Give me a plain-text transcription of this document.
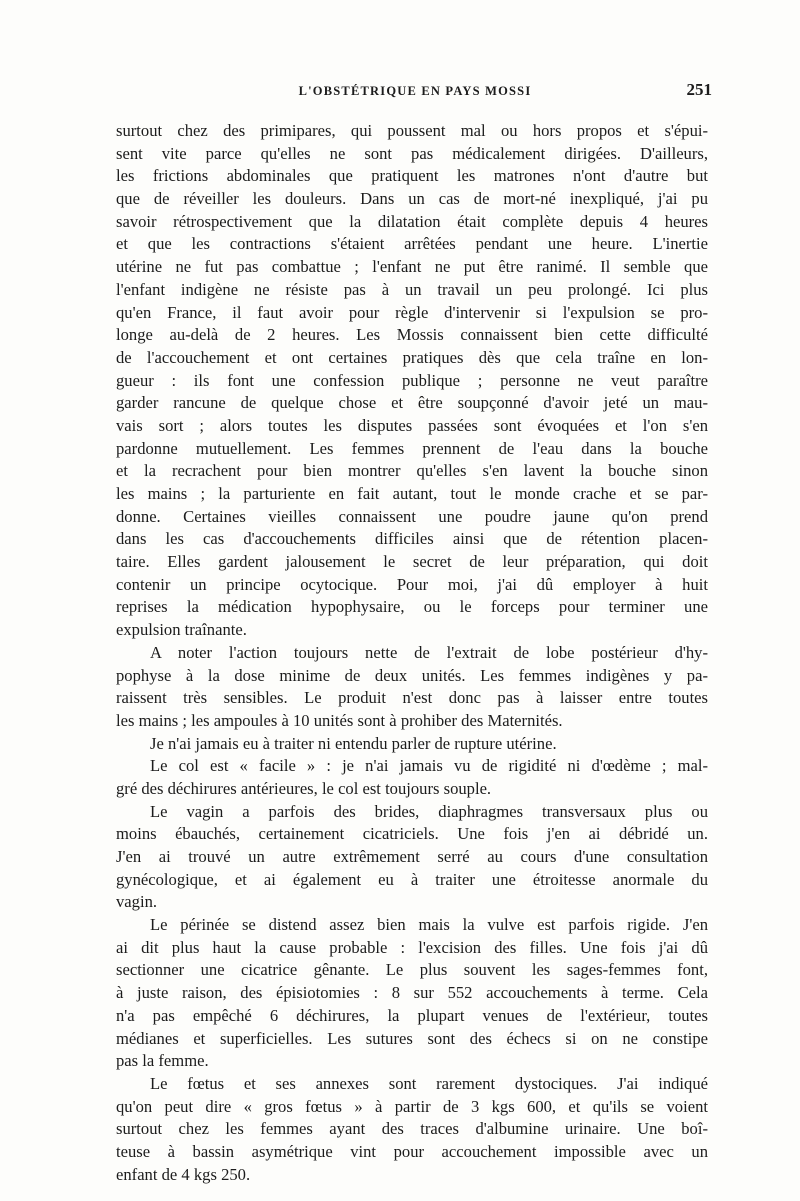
L'OBSTÉTRIQUE EN PAYS MOSSI	251
surtout chez des primipares, qui poussent mal ou hors propos et s'épui-
sent vite parce qu'elles ne sont pas médicalement dirigées. D'ailleurs,
les frictions abdominales que pratiquent les matrones n'ont d'autre but
que de réveiller les douleurs. Dans un cas de mort-né inexpliqué, j'ai pu
savoir rétrospectivement que la dilatation était complète depuis 4 heures
et que les contractions s'étaient arrêtées pendant une heure. L'inertie
utérine ne fut pas combattue ; l'enfant ne put être ranimé. Il semble que
l'enfant indigène ne résiste pas à un travail un peu prolongé. Ici plus
qu'en France, il faut avoir pour règle d'intervenir si l'expulsion se pro-
longe au-delà de 2 heures. Les Mossis connaissent bien cette difficulté
de l'accouchement et ont certaines pratiques dès que cela traîne en lon-
gueur : ils font une confession publique ; personne ne veut paraître
garder rancune de quelque chose et être soupçonné d'avoir jeté un mau-
vais sort ; alors toutes les disputes passées sont évoquées et l'on s'en
pardonne mutuellement. Les femmes prennent de l'eau dans la bouche
et la recrachent pour bien montrer qu'elles s'en lavent la bouche sinon
les mains ; la parturiente en fait autant, tout le monde crache et se par-
donne. Certaines vieilles connaissent une poudre jaune qu'on prend
dans les cas d'accouchements difficiles ainsi que de rétention placen-
taire. Elles gardent jalousement le secret de leur préparation, qui doit
contenir un principe ocytocique. Pour moi, j'ai dû employer à huit
reprises la médication hypophysaire, ou le forceps pour terminer une
expulsion traînante.
A noter l'action toujours nette de l'extrait de lobe postérieur d'hy-
pophyse à la dose minime de deux unités. Les femmes indigènes y pa-
raissent très sensibles. Le produit n'est donc pas à laisser entre toutes
les mains ; les ampoules à 10 unités sont à prohiber des Maternités.
Je n'ai jamais eu à traiter ni entendu parler de rupture utérine.
Le col est « facile » : je n'ai jamais vu de rigidité ni d'œdème ; mal-
gré des déchirures antérieures, le col est toujours souple.
Le vagin a parfois des brides, diaphragmes transversaux plus ou
moins ébauchés, certainement cicatriciels. Une fois j'en ai débridé un.
J'en ai trouvé un autre extrêmement serré au cours d'une consultation
gynécologique, et ai également eu à traiter une étroitesse anormale du
vagin.
Le périnée se distend assez bien mais la vulve est parfois rigide. J'en
ai dit plus haut la cause probable : l'excision des filles. Une fois j'ai dû
sectionner une cicatrice gênante. Le plus souvent les sages-femmes font,
à juste raison, des épisiotomies : 8 sur 552 accouchements à terme. Cela
n'a pas empêché 6 déchirures, la plupart venues de l'extérieur, toutes
médianes et superficielles. Les sutures sont des échecs si on ne constipe
pas la femme.
Le fœtus et ses annexes sont rarement dystociques. J'ai indiqué
qu'on peut dire « gros fœtus » à partir de 3 kgs 600, et qu'ils se voient
surtout chez les femmes ayant des traces d'albumine urinaire. Une boî-
teuse à bassin asymétrique vint pour accouchement impossible avec un
enfant de 4 kgs 250.
